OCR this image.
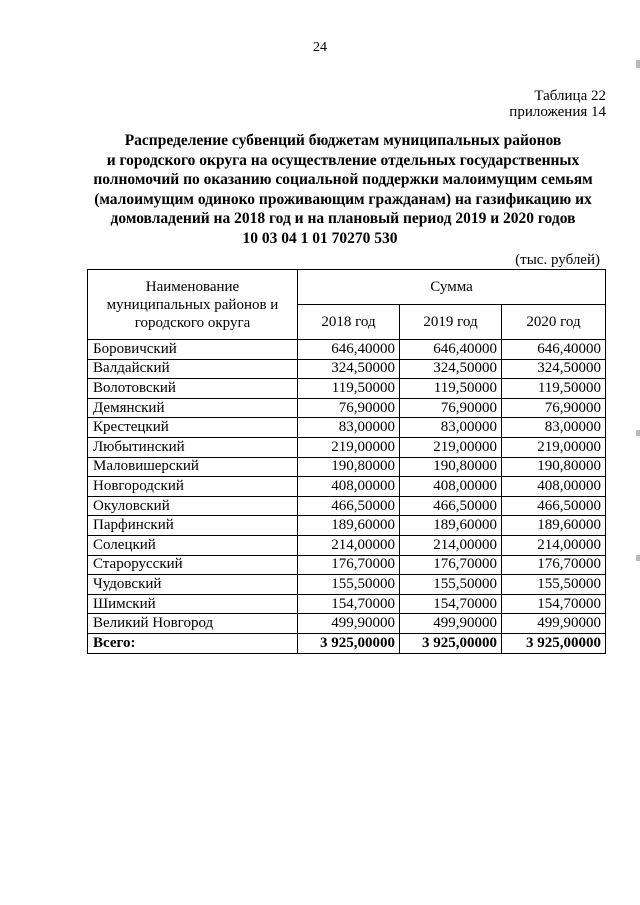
24
Таблица 22
приложения 14
Распределение субвенций бюджетам муниципальных районов
и городского округа на осуществление отдельных государственных
полномочий по оказанию социальной поддержки малоимущим семьям
(малоимущим одиноко проживающим гражданам) на газификацию их
домовладений на 2018 год и на плановый период 2019 и 2020 годов
10 03 04 1 01 70270 530
(тыс. рублей)
Наименование муниципальных районов и городского округа	Сумма		
	2018 год	2019 год	2020 год
Боровичский	646,40000	646,40000	646,40000
Валдайский	324,50000	324,50000	324,50000
Волотовский	119,50000	119,50000	119,50000
Демянский	76,90000	76,90000	76,90000
Крестецкий	83,00000	83,00000	83,00000
Любытинский	219,00000	219,00000	219,00000
Маловишерский	190,80000	190,80000	190,80000
Новгородский	408,00000	408,00000	408,00000
Окуловский	466,50000	466,50000	466,50000
Парфинский	189,60000	189,60000	189,60000
Солецкий	214,00000	214,00000	214,00000
Старорусский	176,70000	176,70000	176,70000
Чудовский	155,50000	155,50000	155,50000
Шимский	154,70000	154,70000	154,70000
Великий Новгород	499,90000	499,90000	499,90000
Всего:	3 925,00000	3 925,00000	3 925,00000
